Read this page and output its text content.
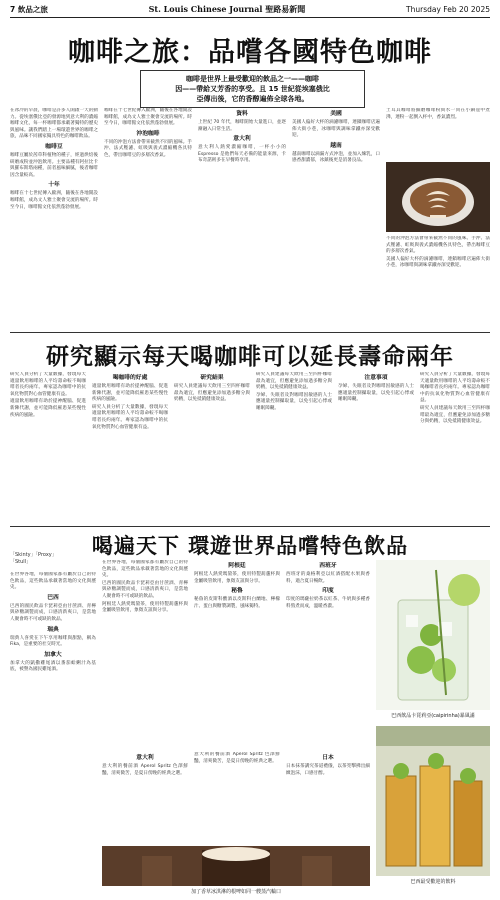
7 飲品之旅	St. Louis Chinese Journal 聖路易新聞	Thursday Feb 20 2025
咖啡之旅：品嚐各國特色咖啡
咖啡是世界上最受歡迎的飲品之一——咖啡
因——帶給又芳香的享受。且 15 世紀從埃塞俄比
亞傳出後，它的香醇遍佈全球各地。

在冰冷的早晨，咖啡是許多人開啟一天的動力。從埃塞俄比亞的發源地到意大利的濃縮咖啡文化，每一杯咖啡都承載著獨特的歷史與風味。讓我們踏上一場環遊世界的咖啡之旅，品味不同國家獨具特色的咖啡飲品。

咖啡豆

咖啡豆屬於茜草科植物的種子，經過烘焙後研磨成粉並沖泡飲用。主要品種有阿拉比卡與羅布斯塔兩種，前者風味細膩，後者咖啡因含量較高。

十年

咖啡在十七世紀傳入歐洲，隨後在各地開設咖啡館，成為文人雅士聚會交流的場所。時至今日，咖啡館文化依然蓬勃發展。

咖啡在十七世紀傳入歐洲，隨後在各地開設咖啡館，成為文人雅士聚會交流的場所。時至今日，咖啡館文化依然蓬勃發展。

沖泡咖啡

不同的沖泡方法會帶來截然不同的風味。手沖、法式壓濾、虹吸與義式濃縮機各具特色，帶出咖啡豆的多層次香氣。

資料

上世紀 70 年代，咖啡開始大量進口，並逐漸融入日常生活。

意大利

意大利人熱愛濃縮咖啡，一杯小小的 Espresso 是他們每天必備的能量來源，卡布奇諾則多在早餐時享用。

美國

美國人偏好大杯的滴濾咖啡，連鎖咖啡店遍佈大街小巷，冰咖啡與調味拿鐵亦深受歡迎。

越南

越南咖啡以滴漏方式沖泡，並加入煉乳，口感香甜濃郁，冰鎮後更是消暑良品。

土耳其咖啡將細磨咖啡粉與水一同在小銅壺中煮沸，連粉一起倒入杯中，香氣濃烈。

不同的沖泡方法會帶來截然不同的風味。手沖、法式壓濾、虹吸與義式濃縮機各具特色，帶出咖啡豆的多層次香氣。

美國人偏好大杯的滴濾咖啡，連鎖咖啡店遍佈大街小巷，冰咖啡與調味拿鐵亦深受歡迎。

研究顯示每天喝咖啡可以延長壽命兩年

研究人員分析了大量數據，發現每天適量飲用咖啡的人平均壽命較不喝咖啡者長約兩年。專家認為咖啡中的抗氧化物質對心血管健康有益。

適量飲用咖啡有助於提神醒腦、促進新陳代謝，並可能降低罹患某些慢性疾病的風險。

喝咖啡的好處

適量飲用咖啡有助於提神醒腦、促進新陳代謝，並可能降低罹患某些慢性疾病的風險。

研究人員分析了大量數據，發現每天適量飲用咖啡的人平均壽命較不喝咖啡者長約兩年。專家認為咖啡中的抗氧化物質對心血管健康有益。

研究結果

研究人員建議每天飲用三至四杯咖啡最為適宜，但應避免添加過多糖分與奶精，以免抵銷健康效益。

研究人員建議每天飲用三至四杯咖啡最為適宜，但應避免添加過多糖分與奶精，以免抵銷健康效益。

孕婦、失眠者及對咖啡因敏感的人士應適量控制攝取量，以免引起心悸或睡眠障礙。

注意事項

孕婦、失眠者及對咖啡因敏感的人士應適量控制攝取量，以免引起心悸或睡眠障礙。

研究人員分析了大量數據，發現每天適量飲用咖啡的人平均壽命較不喝咖啡者長約兩年。專家認為咖啡中的抗氧化物質對心血管健康有益。

研究人員建議每天飲用三至四杯咖啡最為適宜，但應避免添加過多糖分與奶精，以免抵銷健康效益。

喝遍天下 環遊世界品嚐特色飲品
「Skinty」「Proxy」「Stull」

在世界各地，每個國家都有屬於自己的特色飲品，這些飲品承載著當地的文化與歷史。

巴西

巴西的國民飲品卡琵莉亞由甘蔗酒、青檸與砂糖調製而成，口感清新爽口，是當地人聚會時不可或缺的飲品。

瑞典

瑞典人喜愛在下午享用咖啡與甜點，稱為 Fika，是重要的社交時光。

加拿大

加拿大的凱撒雞尾酒以番茄蛤蜊汁為基底，被譽為國民雞尾酒。

在世界各地，每個國家都有屬於自己的特色飲品，這些飲品承載著當地的文化與歷史。

巴西的國民飲品卡琵莉亞由甘蔗酒、青檸與砂糖調製而成，口感清新爽口，是當地人聚會時不可或缺的飲品。

阿根廷人熱愛瑪黛茶，使用特製葫蘆杯與金屬吸管飲用，象徵友誼與分享。

阿根廷

阿根廷人熱愛瑪黛茶，使用特製葫蘆杯與金屬吸管飲用，象徵友誼與分享。

秘魯

秘魯的皮斯科酸酒以皮斯科白蘭地、檸檬汁、蛋白與糖漿調製，風味獨特。

西班牙

西班牙的桑格利亞以紅酒搭配水果與香料，適合夏日暢飲。

印度

印度的瑪薩拉奶茶以紅茶、牛奶與多種香料熬煮而成，溫暖香濃。

巴西飲品卡琵莉亞(caipirinha)暴風滿
意大利

意大利的餐前酒 Aperol Spritz 色澤鮮豔，清爽微苦，是夏日傍晚的經典之選。

意大利的餐前酒 Aperol Spritz 色澤鮮豔，清爽微苦，是夏日傍晚的經典之選。

日本

日本抹茶講究茶道禮儀，以茶筅擊拂出細緻泡沫，口感甘醇。

加了香草冰淇淋的根啤如同一艘蒸汽輪口
巴西最受歡迎的飲料
